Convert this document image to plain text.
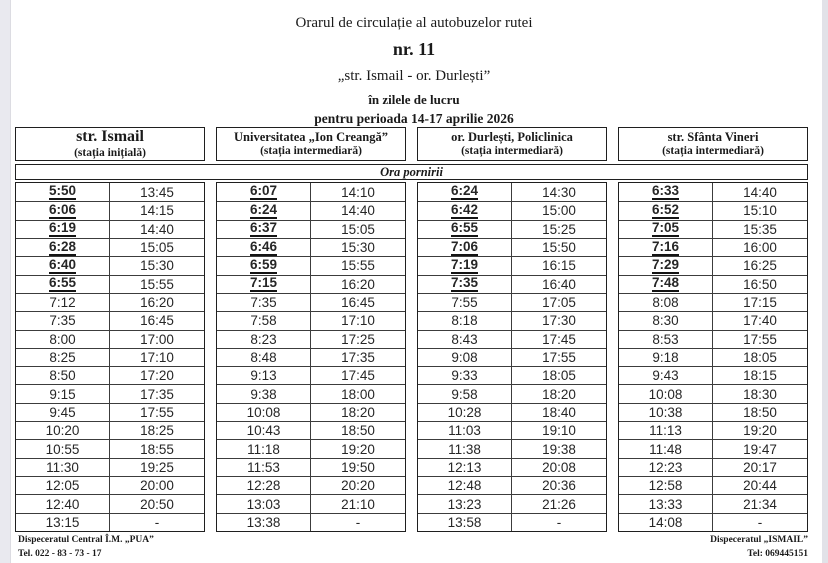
Orarul de circulație al autobuzelor rutei
nr. 11
„str. Ismail - or. Durlești”
în zilele de lucru
pentru perioada 14-17 aprilie 2026
str. Ismail
(stația inițială)
Universitatea „Ion Creangă”
(stația intermediară)
or. Durlești, Policlinica
(stația intermediară)
str. Sfânta Vineri
(stația intermediară)
Ora pornirii
5:50	13:45
6:06	14:15
6:19	14:40
6:28	15:05
6:40	15:30
6:55	15:55
7:12	16:20
7:35	16:45
8:00	17:00
8:25	17:10
8:50	17:20
9:15	17:35
9:45	17:55
10:20	18:25
10:55	18:55
11:30	19:25
12:05	20:00
12:40	20:50
13:15	-
6:07	14:10
6:24	14:40
6:37	15:05
6:46	15:30
6:59	15:55
7:15	16:20
7:35	16:45
7:58	17:10
8:23	17:25
8:48	17:35
9:13	17:45
9:38	18:00
10:08	18:20
10:43	18:50
11:18	19:20
11:53	19:50
12:28	20:20
13:03	21:10
13:38	-
6:24	14:30
6:42	15:00
6:55	15:25
7:06	15:50
7:19	16:15
7:35	16:40
7:55	17:05
8:18	17:30
8:43	17:45
9:08	17:55
9:33	18:05
9:58	18:20
10:28	18:40
11:03	19:10
11:38	19:38
12:13	20:08
12:48	20:36
13:23	21:26
13:58	-
6:33	14:40
6:52	15:10
7:05	15:35
7:16	16:00
7:29	16:25
7:48	16:50
8:08	17:15
8:30	17:40
8:53	17:55
9:18	18:05
9:43	18:15
10:08	18:30
10:38	18:50
11:13	19:20
11:48	19:47
12:23	20:17
12:58	20:44
13:33	21:34
14:08	-
Dispeceratul Central Î.M. „PUA”
Tel. 022 - 83 - 73 - 17
Dispeceratul „ISMAIL”
Tel: 069445151
